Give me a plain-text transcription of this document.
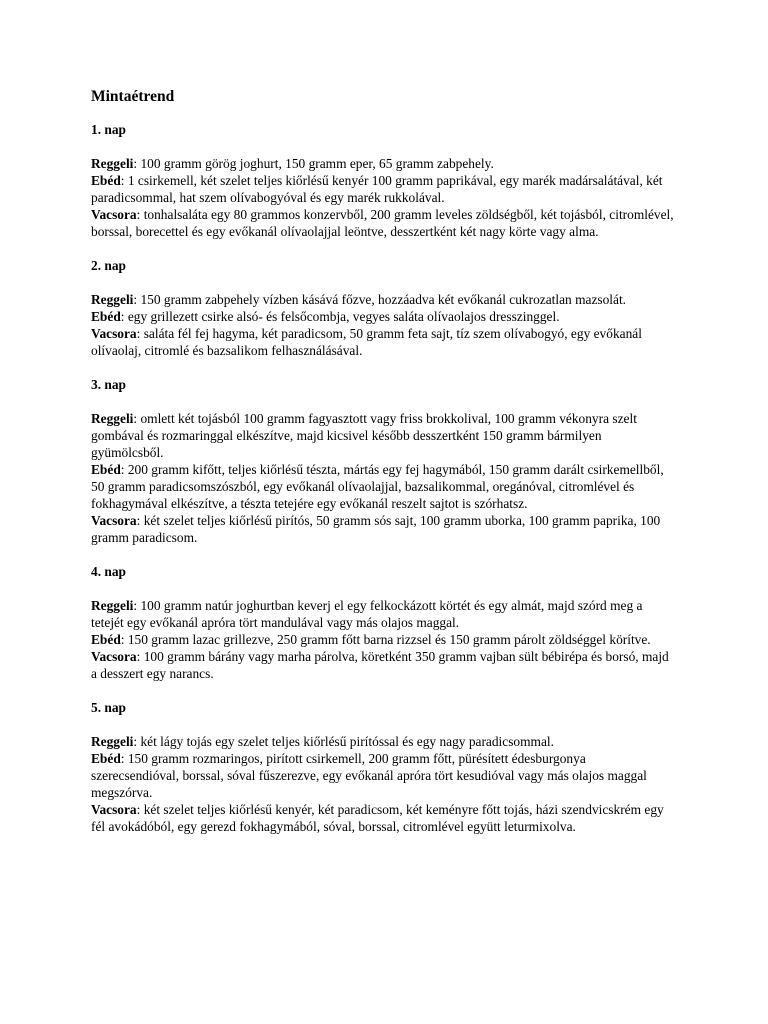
Mintaétrend
1. nap

Reggeli: 100 gramm görög joghurt, 150 gramm eper, 65 gramm zabpehely.

Ebéd: 1 csirkemell, két szelet teljes kiőrlésű kenyér 100 gramm paprikával, egy marék madársalátával, két paradicsommal, hat szem olívabogyóval és egy marék rukkolával.

Vacsora: tonhalsaláta egy 80 grammos konzervből, 200 gramm leveles zöldségből, két tojásból, citromlével, borssal, borecettel és egy evőkanál olívaolajjal leöntve, desszertként két nagy körte vagy alma.

2. nap

Reggeli: 150 gramm zabpehely vízben kásává főzve, hozzáadva két evőkanál cukrozatlan mazsolát.

Ebéd: egy grillezett csirke alsó- és felsőcombja, vegyes saláta olívaolajos dresszinggel.

Vacsora: saláta fél fej hagyma, két paradicsom, 50 gramm feta sajt, tíz szem olívabogyó, egy evőkanál olívaolaj, citromlé és bazsalikom felhasználásával.

3. nap

Reggeli: omlett két tojásból 100 gramm fagyasztott vagy friss brokkolival, 100 gramm vékonyra szelt gombával és rozmaringgal elkészítve, majd kicsivel később desszertként 150 gramm bármilyen gyümölcsből.

Ebéd: 200 gramm kifőtt, teljes kiőrlésű tészta, mártás egy fej hagymából, 150 gramm darált csirkemellből, 50 gramm paradicsomszószból, egy evőkanál olívaolajjal, bazsalikommal, oregánóval, citromlével és fokhagymával elkészítve, a tészta tetejére egy evőkanál reszelt sajtot is szórhatsz.

Vacsora: két szelet teljes kiőrlésű pirítós, 50 gramm sós sajt, 100 gramm uborka, 100 gramm paprika, 100 gramm paradicsom.

4. nap

Reggeli: 100 gramm natúr joghurtban keverj el egy felkockázott körtét és egy almát, majd szórd meg a tetejét egy evőkanál apróra tört mandulával vagy más olajos maggal.

Ebéd: 150 gramm lazac grillezve, 250 gramm főtt barna rizzsel és 150 gramm párolt zöldséggel körítve.

Vacsora: 100 gramm bárány vagy marha párolva, köretként 350 gramm vajban sült bébirépa és borsó, majd a desszert egy narancs.

5. nap

Reggeli: két lágy tojás egy szelet teljes kiőrlésű pirítóssal és egy nagy paradicsommal.

Ebéd: 150 gramm rozmaringos, pirított csirkemell, 200 gramm főtt, pürésített édesburgonya szerecsendióval, borssal, sóval fűszerezve, egy evőkanál apróra tört kesudióval vagy más olajos maggal megszórva.

Vacsora: két szelet teljes kiőrlésű kenyér, két paradicsom, két keményre főtt tojás, házi szendvicskrém egy fél avokádóból, egy gerezd fokhagymából, sóval, borssal, citromlével együtt leturmixolva.
